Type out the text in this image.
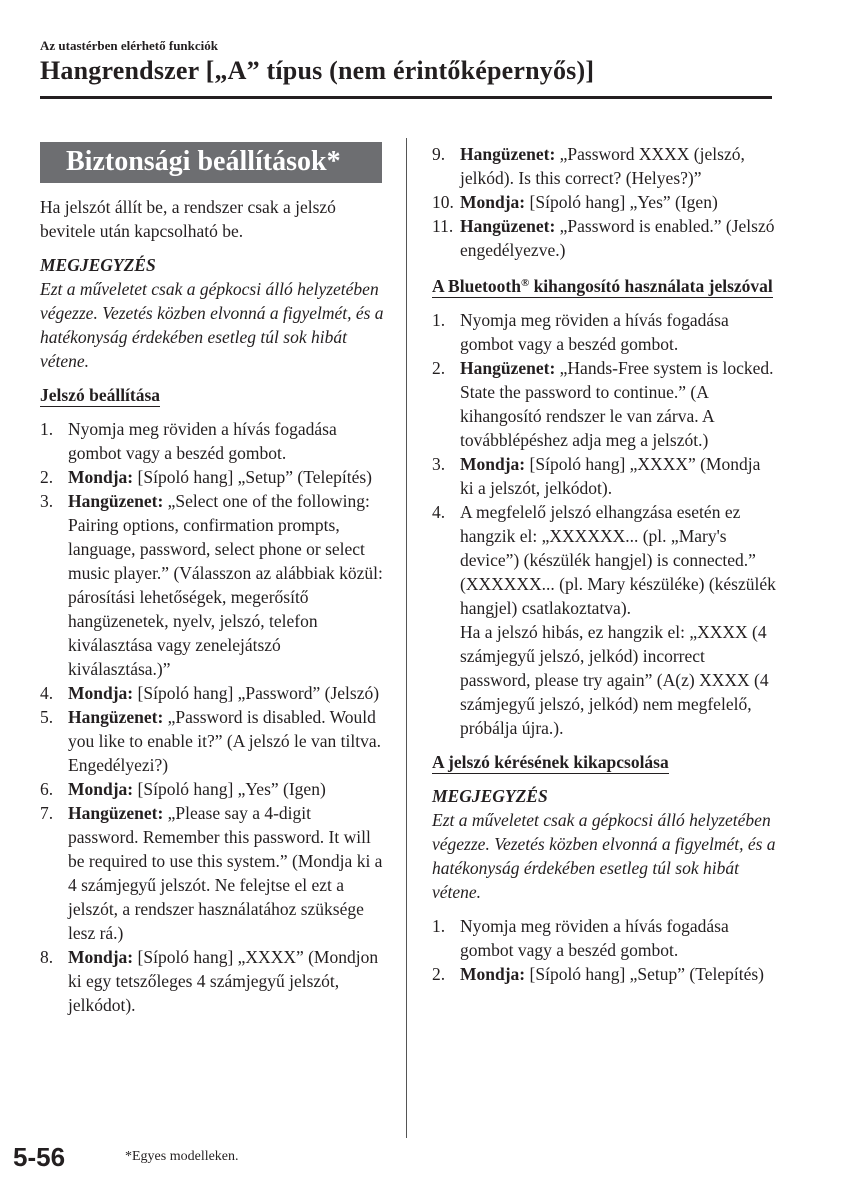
Az utastérben elérhető funkciók
Hangrendszer [„A” típus (nem érintőképernyős)]
Biztonsági beállítások*
Ha jelszót állít be, a rendszer csak a jelszó bevitele után kapcsolható be.
MEGJEGYZÉS
Ezt a műveletet csak a gépkocsi álló helyzetében végezze. Vezetés közben elvonná a figyelmét, és a hatékonyság érdekében esetleg túl sok hibát vétene.
Jelszó beállítása
1. Nyomja meg röviden a hívás fogadása gombot vagy a beszéd gombot.
2. Mondja: [Sípoló hang] „Setup” (Telepítés)
3. Hangüzenet: „Select one of the following: Pairing options, confirmation prompts, language, password, select phone or select music player.” (Válasszon az alábbiak közül: párosítási lehetőségek, megerősítő hangüzenetek, nyelv, jelszó, telefon kiválasztása vagy zenelejátszó kiválasztása.)”
4. Mondja: [Sípoló hang] „Password” (Jelszó)
5. Hangüzenet: „Password is disabled. Would you like to enable it?” (A jelszó le van tiltva. Engedélyezi?)
6. Mondja: [Sípoló hang] „Yes” (Igen)
7. Hangüzenet: „Please say a 4-digit password. Remember this password. It will be required to use this system.” (Mondja ki a 4 számjegyű jelszót. Ne felejtse el ezt a jelszót, a rendszer használatához szüksége lesz rá.)
8. Mondja: [Sípoló hang] „XXXX” (Mondjon ki egy tetszőleges 4 számjegyű jelszót, jelkódot).
9. Hangüzenet: „Password XXXX (jelszó, jelkód). Is this correct? (Helyes?)”
10. Mondja: [Sípoló hang] „Yes” (Igen)
11. Hangüzenet: „Password is enabled.” (Jelszó engedélyezve.)
A Bluetooth® kihangosító használata jelszóval
1. Nyomja meg röviden a hívás fogadása gombot vagy a beszéd gombot.
2. Hangüzenet: „Hands-Free system is locked. State the password to continue.” (A kihangosító rendszer le van zárva. A továbblépéshez adja meg a jelszót.)
3. Mondja: [Sípoló hang] „XXXX” (Mondja ki a jelszót, jelkódot).
4. A megfelelő jelszó elhangzása esetén ez hangzik el: „XXXXXX... (pl. „Mary's device”) (készülék hangjel) is connected.” (XXXXXX... (pl. Mary készüléke) (készülék hangjel) csatlakoztatva).
Ha a jelszó hibás, ez hangzik el: „XXXX (4 számjegyű jelszó, jelkód) incorrect password, please try again” (A(z) XXXX (4 számjegyű jelszó, jelkód) nem megfelelő, próbálja újra.).
A jelszó kérésének kikapcsolása
MEGJEGYZÉS
Ezt a műveletet csak a gépkocsi álló helyzetében végezze. Vezetés közben elvonná a figyelmét, és a hatékonyság érdekében esetleg túl sok hibát vétene.
1. Nyomja meg röviden a hívás fogadása gombot vagy a beszéd gombot.
2. Mondja: [Sípoló hang] „Setup” (Telepítés)
5-56	*Egyes modelleken.
